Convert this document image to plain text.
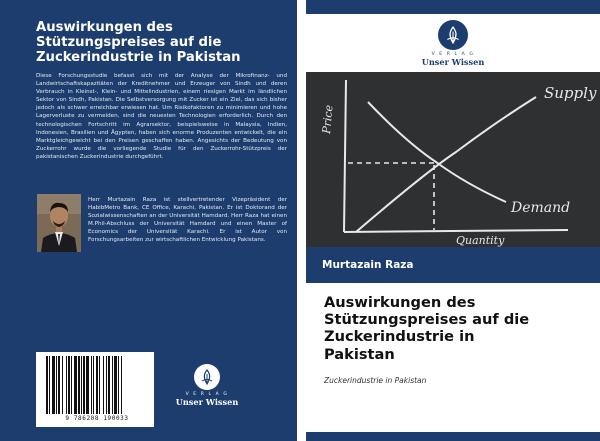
Auswirkungen des
Stützungspreises auf die
Zuckerindustrie in Pakistan

Diese Forschungsstudie befasst sich mit der Analyse der Mikrofinanz- und Landwirtschaftskapazitäten der Kreditnehmer und Erzeuger von Sindh und deren Verbrauch in Kleinst-, Klein- und Mittelindustrien, einem riesigen Markt im ländlichen Sektor von Sindh, Pakistan. Die Selbstversorgung mit Zucker ist ein Ziel, das sich bisher jedoch als schwer erreichbar erwiesen hat. Um Risikofaktoren zu minimieren und hohe Lagerverluste zu vermeiden, sind die neuesten Technologien erforderlich. Durch den technologischen Fortschritt im Agrarsektor, beispielsweise in Malaysia, Indien, Indonesien, Brasilien und Ägypten, haben sich enorme Produzenten entwickelt, die ein Marktgleichgewicht bei den Preisen geschaffen haben. Angesichts der Bedeutung von Zuckerrohr wurde die vorliegende Studie für den Zuckerrohr-Stützpreis der pakistanischen Zuckerindustrie durchgeführt.

Herr Murtazain Raza ist stellvertretender Vizepräsident der HabibMetro Bank, CE Office, Karachi, Pakistan. Er ist Doktorand der Sozialwissenschaften an der Universität Hamdard. Herr Raza hat einen M.Phil-Abschluss der Universität Hamdard und einen Master of Economics der Universität Karachi. Er ist Autor von Forschungsarbeiten zur wirtschaftlichen Entwicklung Pakistans.

9 786208 190033
V E R L A G
Unser Wissen
V E R L A G
Unser Wissen
Supply
Demand
Price
Quantity
Murtazain Raza
Auswirkungen des
Stützungspreises auf die
Zuckerindustrie in
Pakistan
Zuckerindustrie in Pakistan
